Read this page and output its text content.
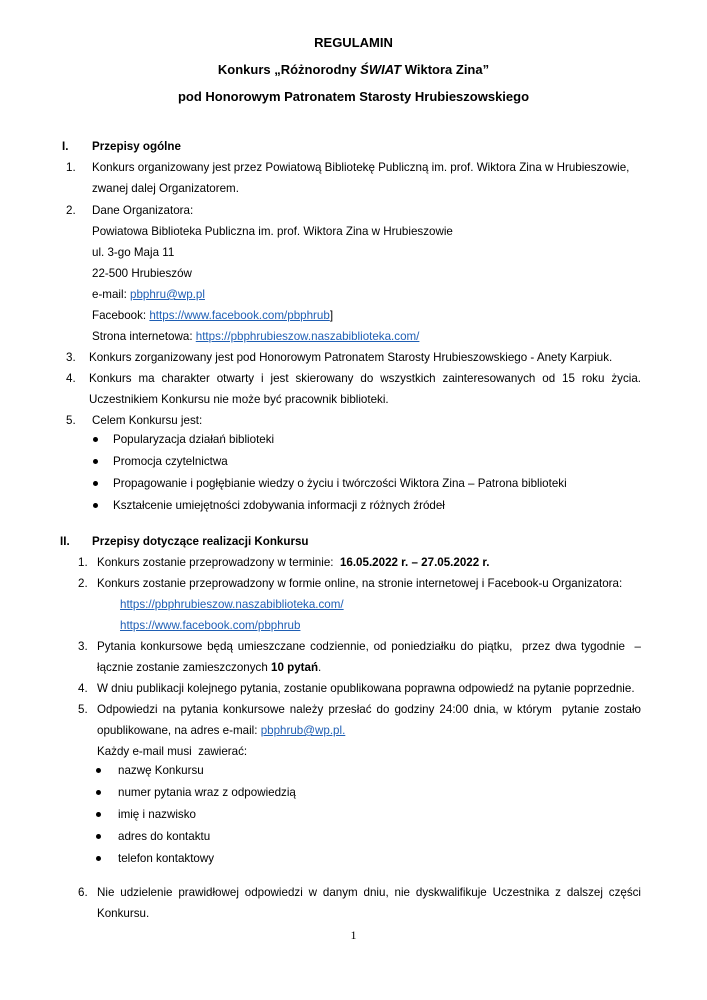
REGULAMIN
Konkurs „Różnorodny ŚWIAT Wiktora Zina”
pod Honorowym Patronatem Starosty Hrubieszowskiego
I. Przepisy ogólne
1. Konkurs organizowany jest przez Powiatową Bibliotekę Publiczną im. prof. Wiktora Zina w Hrubieszowie,
zwanej dalej Organizatorem.
2. Dane Organizatora:
Powiatowa Biblioteka Publiczna im. prof. Wiktora Zina w Hrubieszowie
ul. 3-go Maja 11
22-500 Hrubieszów
e-mail: pbphru@wp.pl
Facebook: https://www.facebook.com/pbphrub]
Strona internetowa: https://pbphrubieszow.naszabiblioteka.com/
3. Konkurs zorganizowany jest pod Honorowym Patronatem Starosty Hrubieszowskiego - Anety Karpiuk.
4. Konkurs ma charakter otwarty i jest skierowany do wszystkich zainteresowanych od 15 roku życia.
Uczestnikiem Konkursu nie może być pracownik biblioteki.
5. Celem Konkursu jest:
Popularyzacja działań biblioteki
Promocja czytelnictwa
Propagowanie i pogłębianie wiedzy o życiu i twórczości Wiktora Zina – Patrona biblioteki
Kształcenie umiejętności zdobywania informacji z różnych źródeł
II. Przepisy dotyczące realizacji Konkursu
1. Konkurs zostanie przeprowadzony w terminie:  16.05.2022 r. – 27.05.2022 r.
2. Konkurs zostanie przeprowadzony w formie online, na stronie internetowej i Facebook-u Organizatora:
https://pbphrubieszow.naszabiblioteka.com/
https://www.facebook.com/pbphrub
3. Pytania konkursowe będą umieszczane codziennie, od poniedziałku do piątku,  przez dwa tygodnie  –
łącznie zostanie zamieszczonych 10 pytań.
4. W dniu publikacji kolejnego pytania, zostanie opublikowana poprawna odpowiedź na pytanie poprzednie.
5. Odpowiedzi na pytania konkursowe należy przesłać do godziny 24:00 dnia, w którym  pytanie zostało
opublikowane, na adres e-mail: pbphrub@wp.pl.
Każdy e-mail musi  zawierać:
nazwę Konkursu
numer pytania wraz z odpowiedzią
imię i nazwisko
adres do kontaktu
telefon kontaktowy
6. Nie udzielenie prawidłowej odpowiedzi w danym dniu, nie dyskwalifikuje Uczestnika z dalszej części
Konkursu.
1
